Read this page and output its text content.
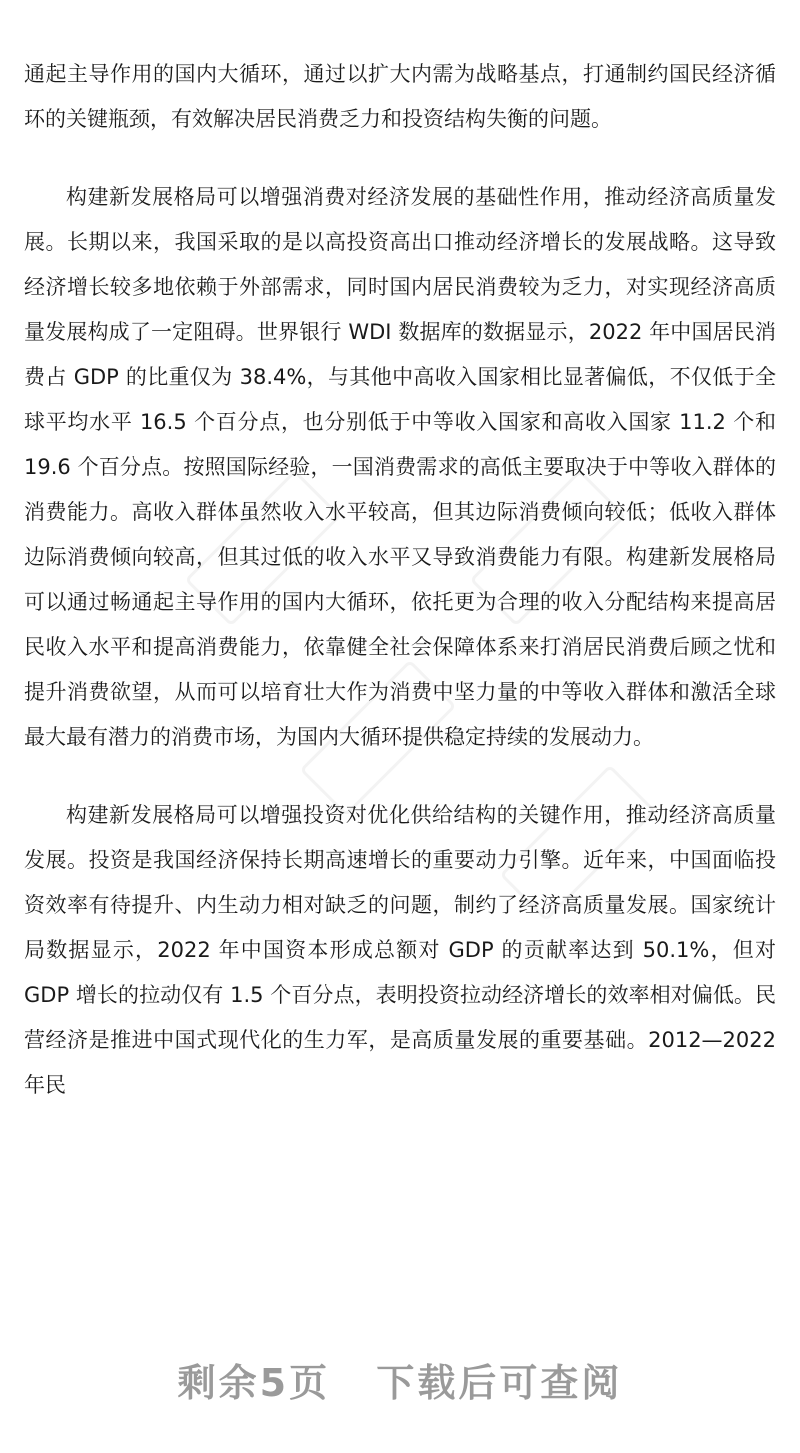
通起主导作用的国内大循环，通过以扩大内需为战略基点，打通制约国民经济循环的关键瓶颈，有效解决居民消费乏力和投资结构失衡的问题。

构建新发展格局可以增强消费对经济发展的基础性作用，推动经济高质量发展。长期以来，我国采取的是以高投资高出口推动经济增长的发展战略。这导致经济增长较多地依赖于外部需求，同时国内居民消费较为乏力，对实现经济高质量发展构成了一定阻碍。世界银行 WDI 数据库的数据显示，2022 年中国居民消费占 GDP 的比重仅为 38.4%，与其他中高收入国家相比显著偏低，不仅低于全球平均水平 16.5 个百分点，也分别低于中等收入国家和高收入国家 11.2 个和 19.6 个百分点。按照国际经验，一国消费需求的高低主要取决于中等收入群体的消费能力。高收入群体虽然收入水平较高，但其边际消费倾向较低；低收入群体边际消费倾向较高，但其过低的收入水平又导致消费能力有限。构建新发展格局可以通过畅通起主导作用的国内大循环，依托更为合理的收入分配结构来提高居民收入水平和提高消费能力，依靠健全社会保障体系来打消居民消费后顾之忧和提升消费欲望，从而可以培育壮大作为消费中坚力量的中等收入群体和激活全球最大最有潜力的消费市场，为国内大循环提供稳定持续的发展动力。

构建新发展格局可以增强投资对优化供给结构的关键作用，推动经济高质量发展。投资是我国经济保持长期高速增长的重要动力引擎。近年来，中国面临投资效率有待提升、内生动力相对缺乏的问题，制约了经济高质量发展。国家统计局数据显示，2022 年中国资本形成总额对 GDP 的贡献率达到 50.1%，但对 GDP 增长的拉动仅有 1.5 个百分点，表明投资拉动经济增长的效率相对偏低。民营经济是推进中国式现代化的生力军，是高质量发展的重要基础。2012—2022 年民

剩余5页 下载后可查阅
